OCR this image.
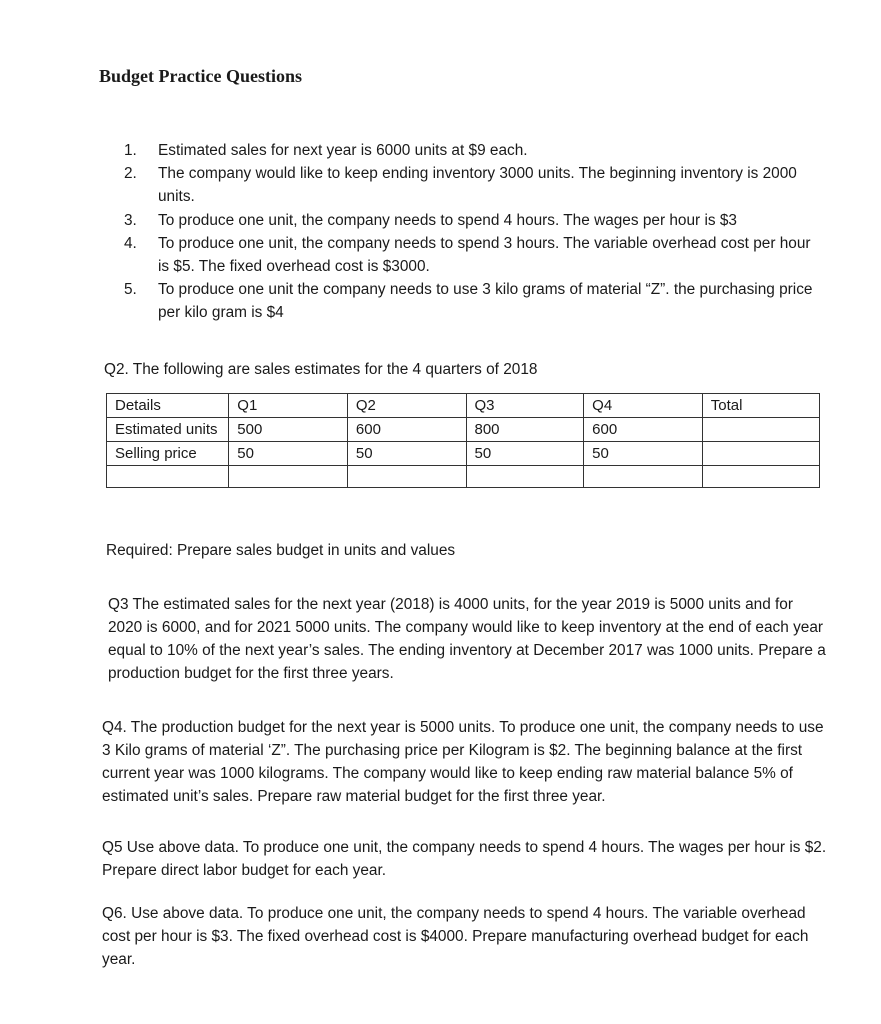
Budget Practice Questions
1. Estimated sales for next year is 6000 units at $9 each.
2. The company would like to keep ending inventory 3000 units. The beginning inventory is 2000 units.
3. To produce one unit, the company needs to spend 4 hours. The wages per hour is $3
4. To produce one unit, the company needs to spend 3 hours. The variable overhead cost per hour is $5. The fixed overhead cost is $3000.
5. To produce one unit the company needs to use 3 kilo grams of material “Z”. the purchasing price per kilo gram is $4

Q2. The following are sales estimates for the 4 quarters of 2018

Details	Q1	Q2	Q3	Q4	Total
Estimated units	500	600	800	600	
Selling price	50	50	50	50	

Required: Prepare sales budget in units and values

Q3 The estimated sales for the next year (2018) is 4000 units, for the year 2019 is 5000 units and for 2020 is 6000, and for 2021 5000 units. The company would like to keep inventory at the end of each year equal to 10% of the next year’s sales. The ending inventory at December 2017 was 1000 units. Prepare a production budget for the first three years.

Q4. The production budget for the next year is 5000 units. To produce one unit, the company needs to use 3 Kilo grams of material ‘Z”. The purchasing price per Kilogram is $2. The beginning balance at the first current year was 1000 kilograms. The company would like to keep ending raw material balance 5% of estimated unit’s sales. Prepare raw material budget for the first three year.

Q5 Use above data. To produce one unit, the company needs to spend 4 hours. The wages per hour is $2. Prepare direct labor budget for each year.

Q6. Use above data. To produce one unit, the company needs to spend 4 hours. The variable overhead cost per hour is $3. The fixed overhead cost is $4000. Prepare manufacturing overhead budget for each year.
